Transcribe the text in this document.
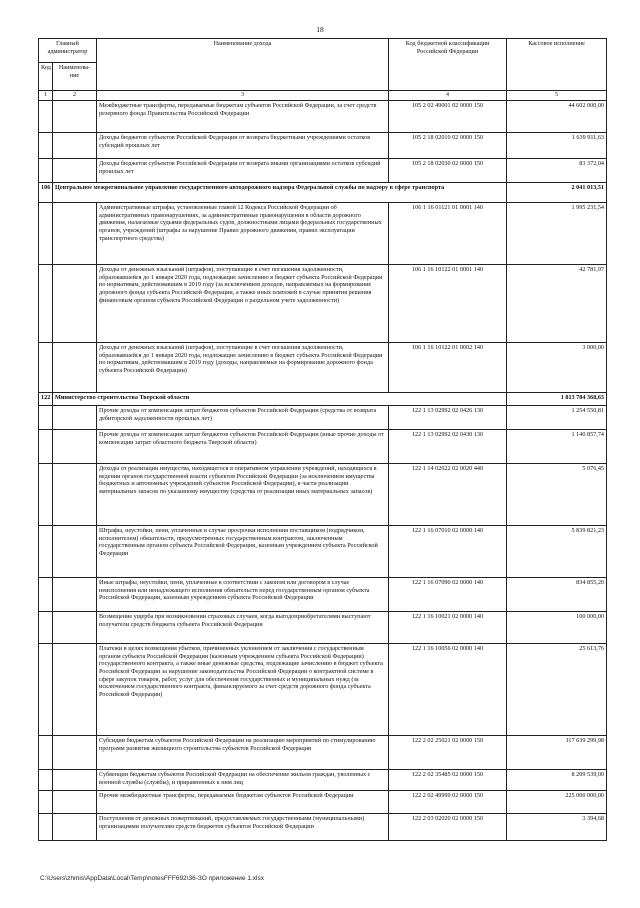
18
Главный администратор		Наименование дохода	Код бюджетной классификации Российской Федерации	Кассовое исполнение
Код	Наименова-ние			
1	2	3	4	5
		Межбюджетные трансферты, передаваемые бюджетам субъектов Российской Федерации, за счет средств резервного фонда Правительства Российской Федерации	105 2 02 49001 02 0000 150	44 602 000,00
		Доходы бюджетов субъектов Российской Федерации от возврата бюджетными учреждениями остатков субсидий прошлых лет	105 2 18 02010 02 0000 150	1 639 911,63
		Доходы бюджетов субъектов Российской Федерации от возврата иными организациями остатков субсидий прошлых лет	105 2 18 02030 02 0000 150	83 372,04
106	Центральное межрегиональное управление государственного автодорожного надзора Федеральной службы по надзору в сфере транспорта			2 041 013,51
		Административные штрафы, установленные главой 12 Кодекса Российской Федерации об административных правонарушениях, за административные правонарушения в области дорожного движения, налагаемые судьями федеральных судов, должностными лицами федеральных государственных органов, учреждений (штрафы за нарушение Правил дорожного движения, правил эксплуатации транспортного средства)	106 1 16 01121 01 0001 140	1 995 231,54
		Доходы от денежных взысканий (штрафов), поступающие в счет погашения задолженности, образовавшейся до 1 января 2020 года, подлежащие зачислению в бюджет субъекта Российской Федерации по нормативам, действовавшим в 2019 году (за исключением доходов, направляемых на формирование дорожного фонда субъекта Российской Федерации, а также иных платежей в случае принятия решения финансовым органом субъекта Российской Федерации о раздельном учете задолженности)	106 1 16 10122 01 0001 140	42 781,97
		Доходы от денежных взысканий (штрафов), поступающие в счет погашения задолженности, образовавшейся до 1 января 2020 года, подлежащие зачислению в бюджет субъекта Российской Федерации по нормативам, действовавшим в 2019 году (доходы, направляемые на формирование дорожного фонда субъекта Российской Федерации)	106 1 16 10122 01 0002 140	3 000,00
122	Министерство строительства Тверской области			1 813 784 368,63
		Прочие доходы от компенсации затрат бюджетов субъектов Российской Федерации (средства от возврата дебиторской задолженности прошлых лет)	122 1 13 02992 02 0426 130	1 254 550,81
		Прочие доходы от компенсации затрат бюджетов субъектов Российской Федерации (иные прочие доходы от компенсации затрат областного бюджета Тверской области)	122 1 13 02992 02 0430 130	1 140 857,74
		Доходы от реализации имущества, находящегося в оперативном управлении учреждений, находящихся в ведении органов государственной власти субъектов Российской Федерации (за исключением имущества бюджетных и автономных учреждений субъектов Российской Федерации), в части реализации материальных запасов по указанному имуществу (средства от реализации иных материальных запасов)	122 1 14 02022 02 0020 440	5 076,45
		Штрафы, неустойки, пени, уплаченные в случае просрочки исполнения поставщиком (подрядчиком, исполнителем) обязательств, предусмотренных государственным контрактом, заключенным государственным органом субъекта Российской Федерации, казенным учреждением субъекта Российской Федерации	122 1 16 07010 02 0000 140	5 839 821,23
		Иные штрафы, неустойки, пени, уплаченные в соответствии с законом или договором в случае неисполнения или ненадлежащего исполнения обязательств перед государственным органом субъекта Российской Федерации, казенным учреждением субъекта Российской Федерации	122 1 16 07090 02 0000 140	834 855,20
		Возмещение ущерба при возникновении страховых случаев, когда выгодоприобретателями выступают получатели средств бюджета субъекта Российской Федерации	122 1 16 10021 02 0000 140	100 000,00
		Платежи в целях возмещения убытков, причиненных уклонением от заключения с государственным органом субъекта Российской Федерации (казенным учреждением субъекта Российской Федерации) государственного контракта, а также иные денежные средства, подлежащие зачислению в бюджет субъекта Российской Федерации за нарушение законодательства Российской Федерации о контрактной системе в сфере закупок товаров, работ, услуг для обеспечения государственных и муниципальных нужд (за исключением государственного контракта, финансируемого за счет средств дорожного фонда субъекта Российской Федерации)	122 1 16 10056 02 0000 140	25 613,76
		Субсидии бюджетам субъектов Российской Федерации на реализацию мероприятий по стимулированию программ развития жилищного строительства субъектов Российской Федерации	122 2 02 25021 02 0000 150	117 639 299,98
		Субвенции бюджетам субъектов Российской Федерации на обеспечение жильем граждан, уволенных с военной службы (службы), и приравненных к ним лиц	122 2 02 35485 02 0000 150	8 209 539,00
		Прочие межбюджетные трансферты, передаваемые бюджетам субъектов Российской Федерации	122 2 02 49999 02 0000 150	225 000 000,00
		Поступления от денежных пожертвований, предоставляемых государственными (муниципальными) организациями получателям средств бюджетов субъектов Российской Федерации	122 2 03 02020 02 0000 150	3 394,68
C:\Users\zhmis\AppData\Local\Temp\notesFFF692\36-ЗО приложение 1.xlsx
